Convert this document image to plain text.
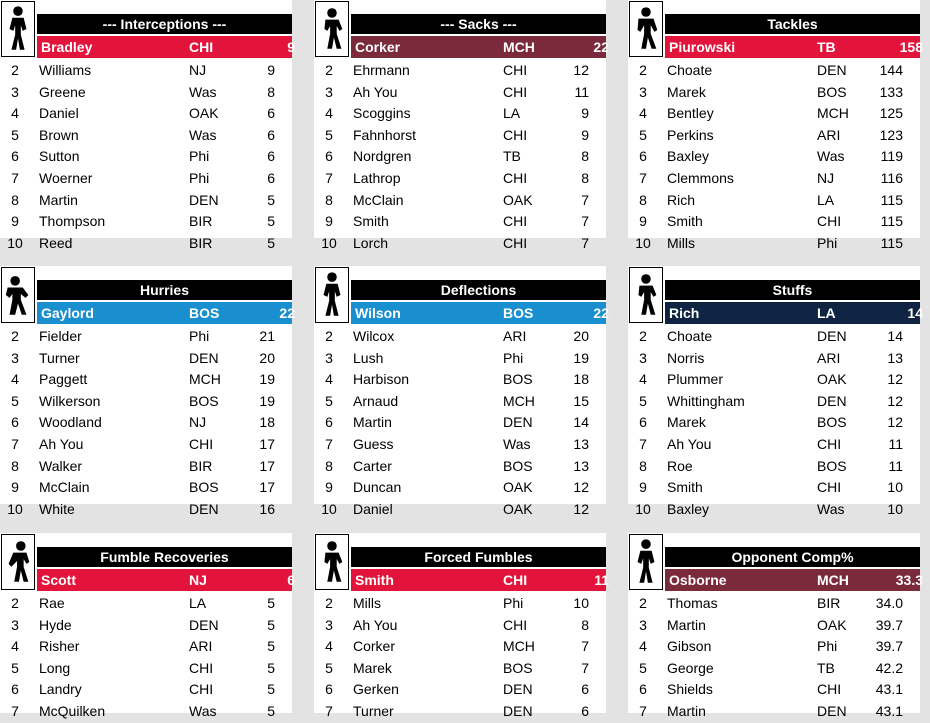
--- Interceptions ---
Bradley	CHI	9
2	Williams	NJ	9
3	Greene	Was	8
4	Daniel	OAK	6
5	Brown	Was	6
6	Sutton	Phi	6
7	Woerner	Phi	6
8	Martin	DEN	5
9	Thompson	BIR	5
10	Reed	BIR	5
--- Sacks ---
Corker	MCH	22
2	Ehrmann	CHI	12
3	Ah You	CHI	11
4	Scoggins	LA	9
5	Fahnhorst	CHI	9
6	Nordgren	TB	8
7	Lathrop	CHI	8
8	McClain	OAK	7
9	Smith	CHI	7
10	Lorch	CHI	7
Tackles
Piurowski	TB	158
2	Choate	DEN	144
3	Marek	BOS	133
4	Bentley	MCH	125
5	Perkins	ARI	123
6	Baxley	Was	119
7	Clemmons	NJ	116
8	Rich	LA	115
9	Smith	CHI	115
10	Mills	Phi	115
Hurries
Gaylord	BOS	22
2	Fielder	Phi	21
3	Turner	DEN	20
4	Paggett	MCH	19
5	Wilkerson	BOS	19
6	Woodland	NJ	18
7	Ah You	CHI	17
8	Walker	BIR	17
9	McClain	BOS	17
10	White	DEN	16
Deflections
Wilson	BOS	22
2	Wilcox	ARI	20
3	Lush	Phi	19
4	Harbison	BOS	18
5	Arnaud	MCH	15
6	Martin	DEN	14
7	Guess	Was	13
8	Carter	BOS	13
9	Duncan	OAK	12
10	Daniel	OAK	12
Stuffs
Rich	LA	14
2	Choate	DEN	14
3	Norris	ARI	13
4	Plummer	OAK	12
5	Whittingham	DEN	12
6	Marek	BOS	12
7	Ah You	CHI	11
8	Roe	BOS	11
9	Smith	CHI	10
10	Baxley	Was	10
Fumble Recoveries
Scott	NJ	6
2	Rae	LA	5
3	Hyde	DEN	5
4	Risher	ARI	5
5	Long	CHI	5
6	Landry	CHI	5
7	McQuilken	Was	5
Forced Fumbles
Smith	CHI	11
2	Mills	Phi	10
3	Ah You	CHI	8
4	Corker	MCH	7
5	Marek	BOS	7
6	Gerken	DEN	6
7	Turner	DEN	6
Opponent Comp%
Osborne	MCH	33.3
2	Thomas	BIR	34.0
3	Martin	OAK 39.7
4	Gibson	Phi	39.7
5	George	TB	42.2
6	Shields	CHI 43.1
7	Martin	DEN 43.1
